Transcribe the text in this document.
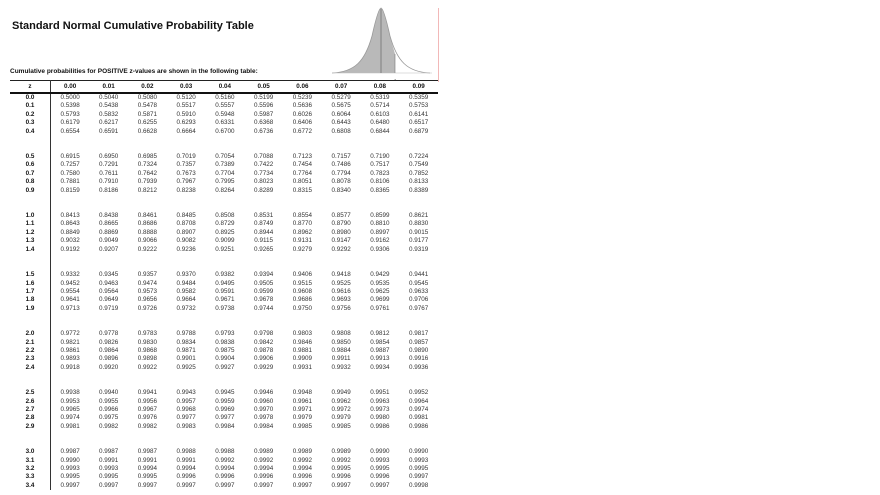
Standard Normal Cumulative Probability Table
Cumulative probabilities for POSITIVE z-values are shown in the following table:
z
z	0.00	0.01	0.02	0.03	0.04	0.05	0.06	0.07	0.08	0.09
0.0	0.5000	0.5040	0.5080	0.5120	0.5160	0.5199	0.5239	0.5279	0.5319	0.5359
0.1	0.5398	0.5438	0.5478	0.5517	0.5557	0.5596	0.5636	0.5675	0.5714	0.5753
0.2	0.5793	0.5832	0.5871	0.5910	0.5948	0.5987	0.6026	0.6064	0.6103	0.6141
0.3	0.6179	0.6217	0.6255	0.6293	0.6331	0.6368	0.6406	0.6443	0.6480	0.6517
0.4	0.6554	0.6591	0.6628	0.6664	0.6700	0.6736	0.6772	0.6808	0.6844	0.6879

0.5	0.6915	0.6950	0.6985	0.7019	0.7054	0.7088	0.7123	0.7157	0.7190	0.7224
0.6	0.7257	0.7291	0.7324	0.7357	0.7389	0.7422	0.7454	0.7486	0.7517	0.7549
0.7	0.7580	0.7611	0.7642	0.7673	0.7704	0.7734	0.7764	0.7794	0.7823	0.7852
0.8	0.7881	0.7910	0.7939	0.7967	0.7995	0.8023	0.8051	0.8078	0.8106	0.8133
0.9	0.8159	0.8186	0.8212	0.8238	0.8264	0.8289	0.8315	0.8340	0.8365	0.8389

1.0	0.8413	0.8438	0.8461	0.8485	0.8508	0.8531	0.8554	0.8577	0.8599	0.8621
1.1	0.8643	0.8665	0.8686	0.8708	0.8729	0.8749	0.8770	0.8790	0.8810	0.8830
1.2	0.8849	0.8869	0.8888	0.8907	0.8925	0.8944	0.8962	0.8980	0.8997	0.9015
1.3	0.9032	0.9049	0.9066	0.9082	0.9099	0.9115	0.9131	0.9147	0.9162	0.9177
1.4	0.9192	0.9207	0.9222	0.9236	0.9251	0.9265	0.9279	0.9292	0.9306	0.9319

1.5	0.9332	0.9345	0.9357	0.9370	0.9382	0.9394	0.9406	0.9418	0.9429	0.9441
1.6	0.9452	0.9463	0.9474	0.9484	0.9495	0.9505	0.9515	0.9525	0.9535	0.9545
1.7	0.9554	0.9564	0.9573	0.9582	0.9591	0.9599	0.9608	0.9616	0.9625	0.9633
1.8	0.9641	0.9649	0.9656	0.9664	0.9671	0.9678	0.9686	0.9693	0.9699	0.9706
1.9	0.9713	0.9719	0.9726	0.9732	0.9738	0.9744	0.9750	0.9756	0.9761	0.9767

2.0	0.9772	0.9778	0.9783	0.9788	0.9793	0.9798	0.9803	0.9808	0.9812	0.9817
2.1	0.9821	0.9826	0.9830	0.9834	0.9838	0.9842	0.9846	0.9850	0.9854	0.9857
2.2	0.9861	0.9864	0.9868	0.9871	0.9875	0.9878	0.9881	0.9884	0.9887	0.9890
2.3	0.9893	0.9896	0.9898	0.9901	0.9904	0.9906	0.9909	0.9911	0.9913	0.9916
2.4	0.9918	0.9920	0.9922	0.9925	0.9927	0.9929	0.9931	0.9932	0.9934	0.9936

2.5	0.9938	0.9940	0.9941	0.9943	0.9945	0.9946	0.9948	0.9949	0.9951	0.9952
2.6	0.9953	0.9955	0.9956	0.9957	0.9959	0.9960	0.9961	0.9962	0.9963	0.9964
2.7	0.9965	0.9966	0.9967	0.9968	0.9969	0.9970	0.9971	0.9972	0.9973	0.9974
2.8	0.9974	0.9975	0.9976	0.9977	0.9977	0.9978	0.9979	0.9979	0.9980	0.9981
2.9	0.9981	0.9982	0.9982	0.9983	0.9984	0.9984	0.9985	0.9985	0.9986	0.9986

3.0	0.9987	0.9987	0.9987	0.9988	0.9988	0.9989	0.9989	0.9989	0.9990	0.9990
3.1	0.9990	0.9991	0.9991	0.9991	0.9992	0.9992	0.9992	0.9992	0.9993	0.9993
3.2	0.9993	0.9993	0.9994	0.9994	0.9994	0.9994	0.9994	0.9995	0.9995	0.9995
3.3	0.9995	0.9995	0.9995	0.9996	0.9996	0.9996	0.9996	0.9996	0.9996	0.9997
3.4	0.9997	0.9997	0.9997	0.9997	0.9997	0.9997	0.9997	0.9997	0.9997	0.9998
